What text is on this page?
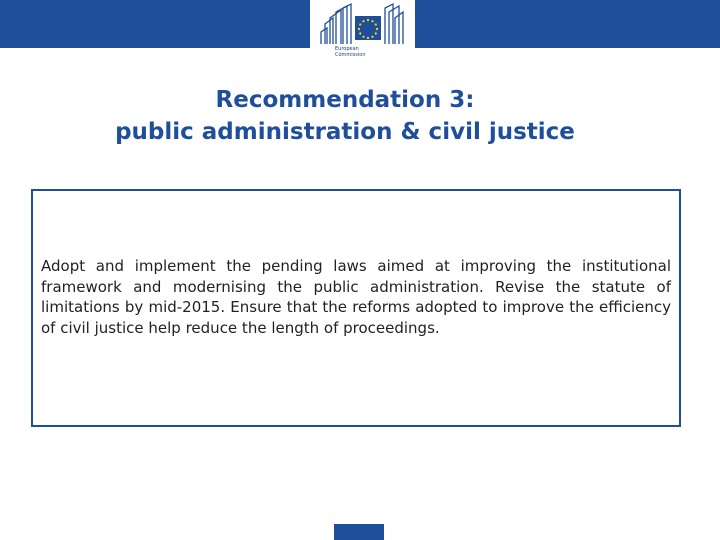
European
Commission
Recommendation 3:
public administration & civil justice
Adopt and implement the pending laws aimed at improving the institutional framework and modernising the public administration. Revise the statute of limitations by mid-2015. Ensure that the reforms adopted to improve the efficiency of civil justice help reduce the length of proceedings.
